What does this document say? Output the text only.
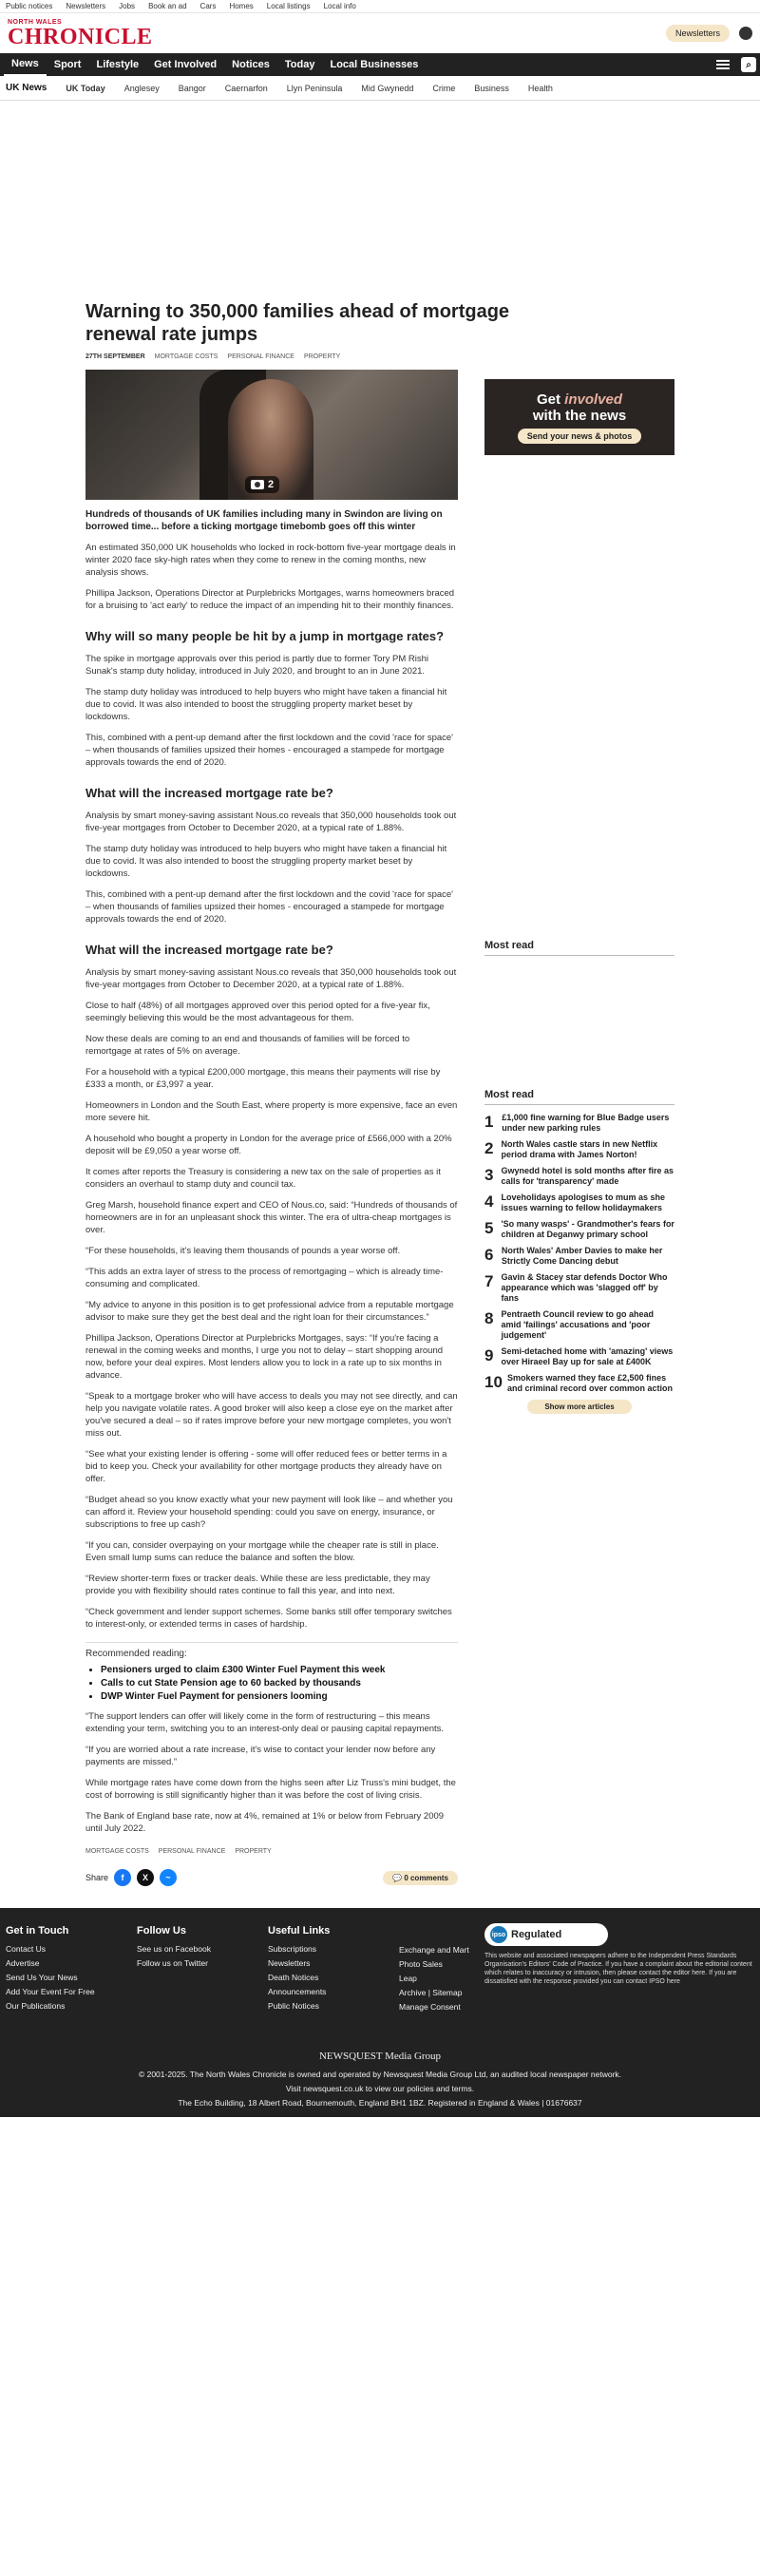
Public notices Newsletters Jobs Book an ad Cars Homes Local listings Local info
NORTH WALES
CHRONICLE	Newsletters
News	Sport	Lifestyle	Get Involved	Notices	Today	Local Businesses	⌕
UK News UK Today Anglesey Bangor Caernarfon Llyn Peninsula Mid Gwynedd Crime Business Health
Warning to 350,000 families ahead of mortgage renewal rate jumps
27TH SEPTEMBER MORTGAGE COSTS PERSONAL FINANCE PROPERTY
2

Hundreds of thousands of UK families including many in Swindon are living on borrowed time... before a ticking mortgage timebomb goes off this winter

An estimated 350,000 UK households who locked in rock-bottom five-year mortgage deals in winter 2020 face sky-high rates when they come to renew in the coming months, new analysis shows.

Phillipa Jackson, Operations Director at Purplebricks Mortgages, warns homeowners braced for a bruising to 'act early' to reduce the impact of an impending hit to their monthly finances.

Why will so many people be hit by a jump in mortgage rates?

The spike in mortgage approvals over this period is partly due to former Tory PM Rishi Sunak's stamp duty holiday, introduced in July 2020, and brought to an in June 2021.

The stamp duty holiday was introduced to help buyers who might have taken a financial hit due to covid. It was also intended to boost the struggling property market beset by lockdowns.

This, combined with a pent-up demand after the first lockdown and the covid 'race for space' – when thousands of families upsized their homes - encouraged a stampede for mortgage approvals towards the end of 2020.

What will the increased mortgage rate be?

Analysis by smart money-saving assistant Nous.co reveals that 350,000 households took out five-year mortgages from October to December 2020, at a typical rate of 1.88%.

The stamp duty holiday was introduced to help buyers who might have taken a financial hit due to covid. It was also intended to boost the struggling property market beset by lockdowns.

This, combined with a pent-up demand after the first lockdown and the covid 'race for space' – when thousands of families upsized their homes - encouraged a stampede for mortgage approvals towards the end of 2020.

What will the increased mortgage rate be?

Analysis by smart money-saving assistant Nous.co reveals that 350,000 households took out five-year mortgages from October to December 2020, at a typical rate of 1.88%.

Close to half (48%) of all mortgages approved over this period opted for a five-year fix, seemingly believing this would be the most advantageous for them.

Now these deals are coming to an end and thousands of families will be forced to remortgage at rates of 5% on average.

For a household with a typical £200,000 mortgage, this means their payments will rise by £333 a month, or £3,997 a year.

Homeowners in London and the South East, where property is more expensive, face an even more severe hit.

A household who bought a property in London for the average price of £566,000 with a 20% deposit will be £9,050 a year worse off.

It comes after reports the Treasury is considering a new tax on the sale of properties as it considers an overhaul to stamp duty and council tax.

Greg Marsh, household finance expert and CEO of Nous.co, said: “Hundreds of thousands of homeowners are in for an unpleasant shock this winter. The era of ultra-cheap mortgages is over.

“For these households, it's leaving them thousands of pounds a year worse off.

“This adds an extra layer of stress to the process of remortgaging – which is already time-consuming and complicated.

“My advice to anyone in this position is to get professional advice from a reputable mortgage advisor to make sure they get the best deal and the right loan for their circumstances.”

Phillipa Jackson, Operations Director at Purplebricks Mortgages, says: “If you're facing a renewal in the coming weeks and months, I urge you not to delay – start shopping around now, before your deal expires. Most lenders allow you to lock in a rate up to six months in advance.

“Speak to a mortgage broker who will have access to deals you may not see directly, and can help you navigate volatile rates. A good broker will also keep a close eye on the market after you've secured a deal – so if rates improve before your new mortgage completes, you won't miss out.

“See what your existing lender is offering - some will offer reduced fees or better terms in a bid to keep you. Check your availability for other mortgage products they already have on offer.

“Budget ahead so you know exactly what your new payment will look like – and whether you can afford it. Review your household spending: could you save on energy, insurance, or subscriptions to free up cash?

“If you can, consider overpaying on your mortgage while the cheaper rate is still in place. Even small lump sums can reduce the balance and soften the blow.

“Review shorter-term fixes or tracker deals. While these are less predictable, they may provide you with flexibility should rates continue to fall this year, and into next.

“Check government and lender support schemes. Some banks still offer temporary switches to interest-only, or extended terms in cases of hardship.

Recommended reading:
• Pensioners urged to claim £300 Winter Fuel Payment this week
• Calls to cut State Pension age to 60 backed by thousands
• DWP Winter Fuel Payment for pensioners looming

“The support lenders can offer will likely come in the form of restructuring – this means extending your term, switching you to an interest-only deal or pausing capital repayments.

“If you are worried about a rate increase, it's wise to contact your lender now before any payments are missed.”

While mortgage rates have come down from the highs seen after Liz Truss's mini budget, the cost of borrowing is still significantly higher than it was before the cost of living crisis.

The Bank of England base rate, now at 4%, remained at 1% or below from February 2009 until July 2022.

MORTGAGE COSTS PERSONAL FINANCE PROPERTY
Share	f	X	~	💬 0 comments
Get involved
with the news
Send your news & photos
Most read
Most read
1 £1,000 fine warning for Blue Badge users under new parking rules
2 North Wales castle stars in new Netflix period drama with James Norton!
3 Gwynedd hotel is sold months after fire as calls for 'transparency' made
4 Loveholidays apologises to mum as she issues warning to fellow holidaymakers
5 'So many wasps' - Grandmother's fears for children at Deganwy primary school
6 North Wales' Amber Davies to make her Strictly Come Dancing debut
7 Gavin & Stacey star defends Doctor Who appearance which was 'slagged off' by fans
8 Pentraeth Council review to go ahead amid 'failings' accusations and 'poor judgement'
9 Semi-detached home with 'amazing' views over Hiraeel Bay up for sale at £400K
10 Smokers warned they face £2,500 fines and criminal record over common action
Show more articles
Get in Touch
Contact Us
Advertise
Send Us Your News
Add Your Event For Free
Our Publications
Follow Us
See us on Facebook
Follow us on Twitter
Useful Links
Subscriptions
Newsletters
Death Notices
Announcements
Public Notices
Exchange and Mart
Photo Sales
Leap
Archive | Sitemap
Manage Consent
ipso Regulated
This website and associated newspapers adhere to the Independent Press Standards Organisation's Editors' Code of Practice. If you have a complaint about the editorial content which relates to inaccuracy or intrusion, then please contact the editor here. If you are dissatisfied with the response provided you can contact IPSO here
NEWSQUEST Media Group
© 2001-2025. The North Wales Chronicle is owned and operated by Newsquest Media Group Ltd, an audited local newspaper network.
Visit newsquest.co.uk to view our policies and terms.
The Echo Building, 18 Albert Road, Bournemouth, England BH1 1BZ. Registered in England & Wales | 01676637
